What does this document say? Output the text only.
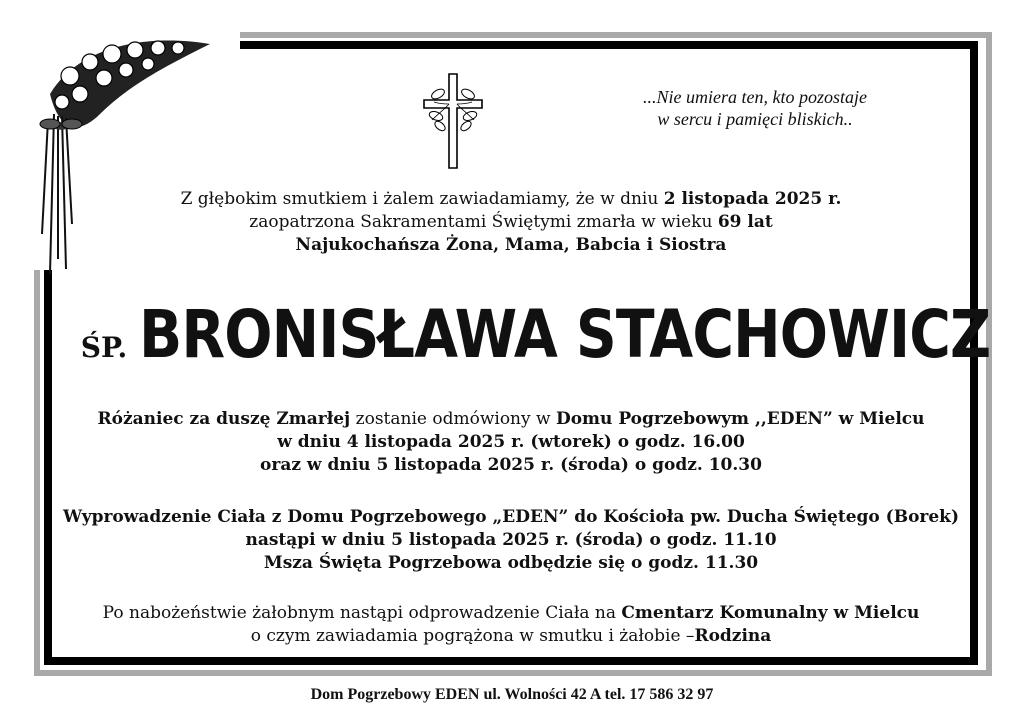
...Nie umiera ten, kto pozostaje
w sercu i pamięci bliskich..
Z głębokim smutkiem i żalem zawiadamiamy, że w dniu 2 listopada 2025 r.
zaopatrzona Sakramentami Świętymi zmarła w wieku 69 lat
Najukochańsza Żona, Mama, Babcia i Siostra
ŚP. BRONISŁAWA STACHOWICZ
Różaniec za duszę Zmarłej zostanie odmówiony w Domu Pogrzebowym ,,EDEN” w Mielcu
w dniu 4 listopada 2025 r. (wtorek) o godz. 16.00
oraz w dniu 5 listopada 2025 r. (środa) o godz. 10.30
Wyprowadzenie Ciała z Domu Pogrzebowego „EDEN” do Kościoła pw. Ducha Świętego (Borek)
nastąpi w dniu 5 listopada 2025 r. (środa) o godz. 11.10
Msza Święta Pogrzebowa odbędzie się o godz. 11.30
Po nabożeństwie żałobnym nastąpi odprowadzenie Ciała na Cmentarz Komunalny w Mielcu
o czym zawiadamia pogrążona w smutku i żałobie –Rodzina
Dom Pogrzebowy EDEN ul. Wolności 42 A tel. 17 586 32 97
